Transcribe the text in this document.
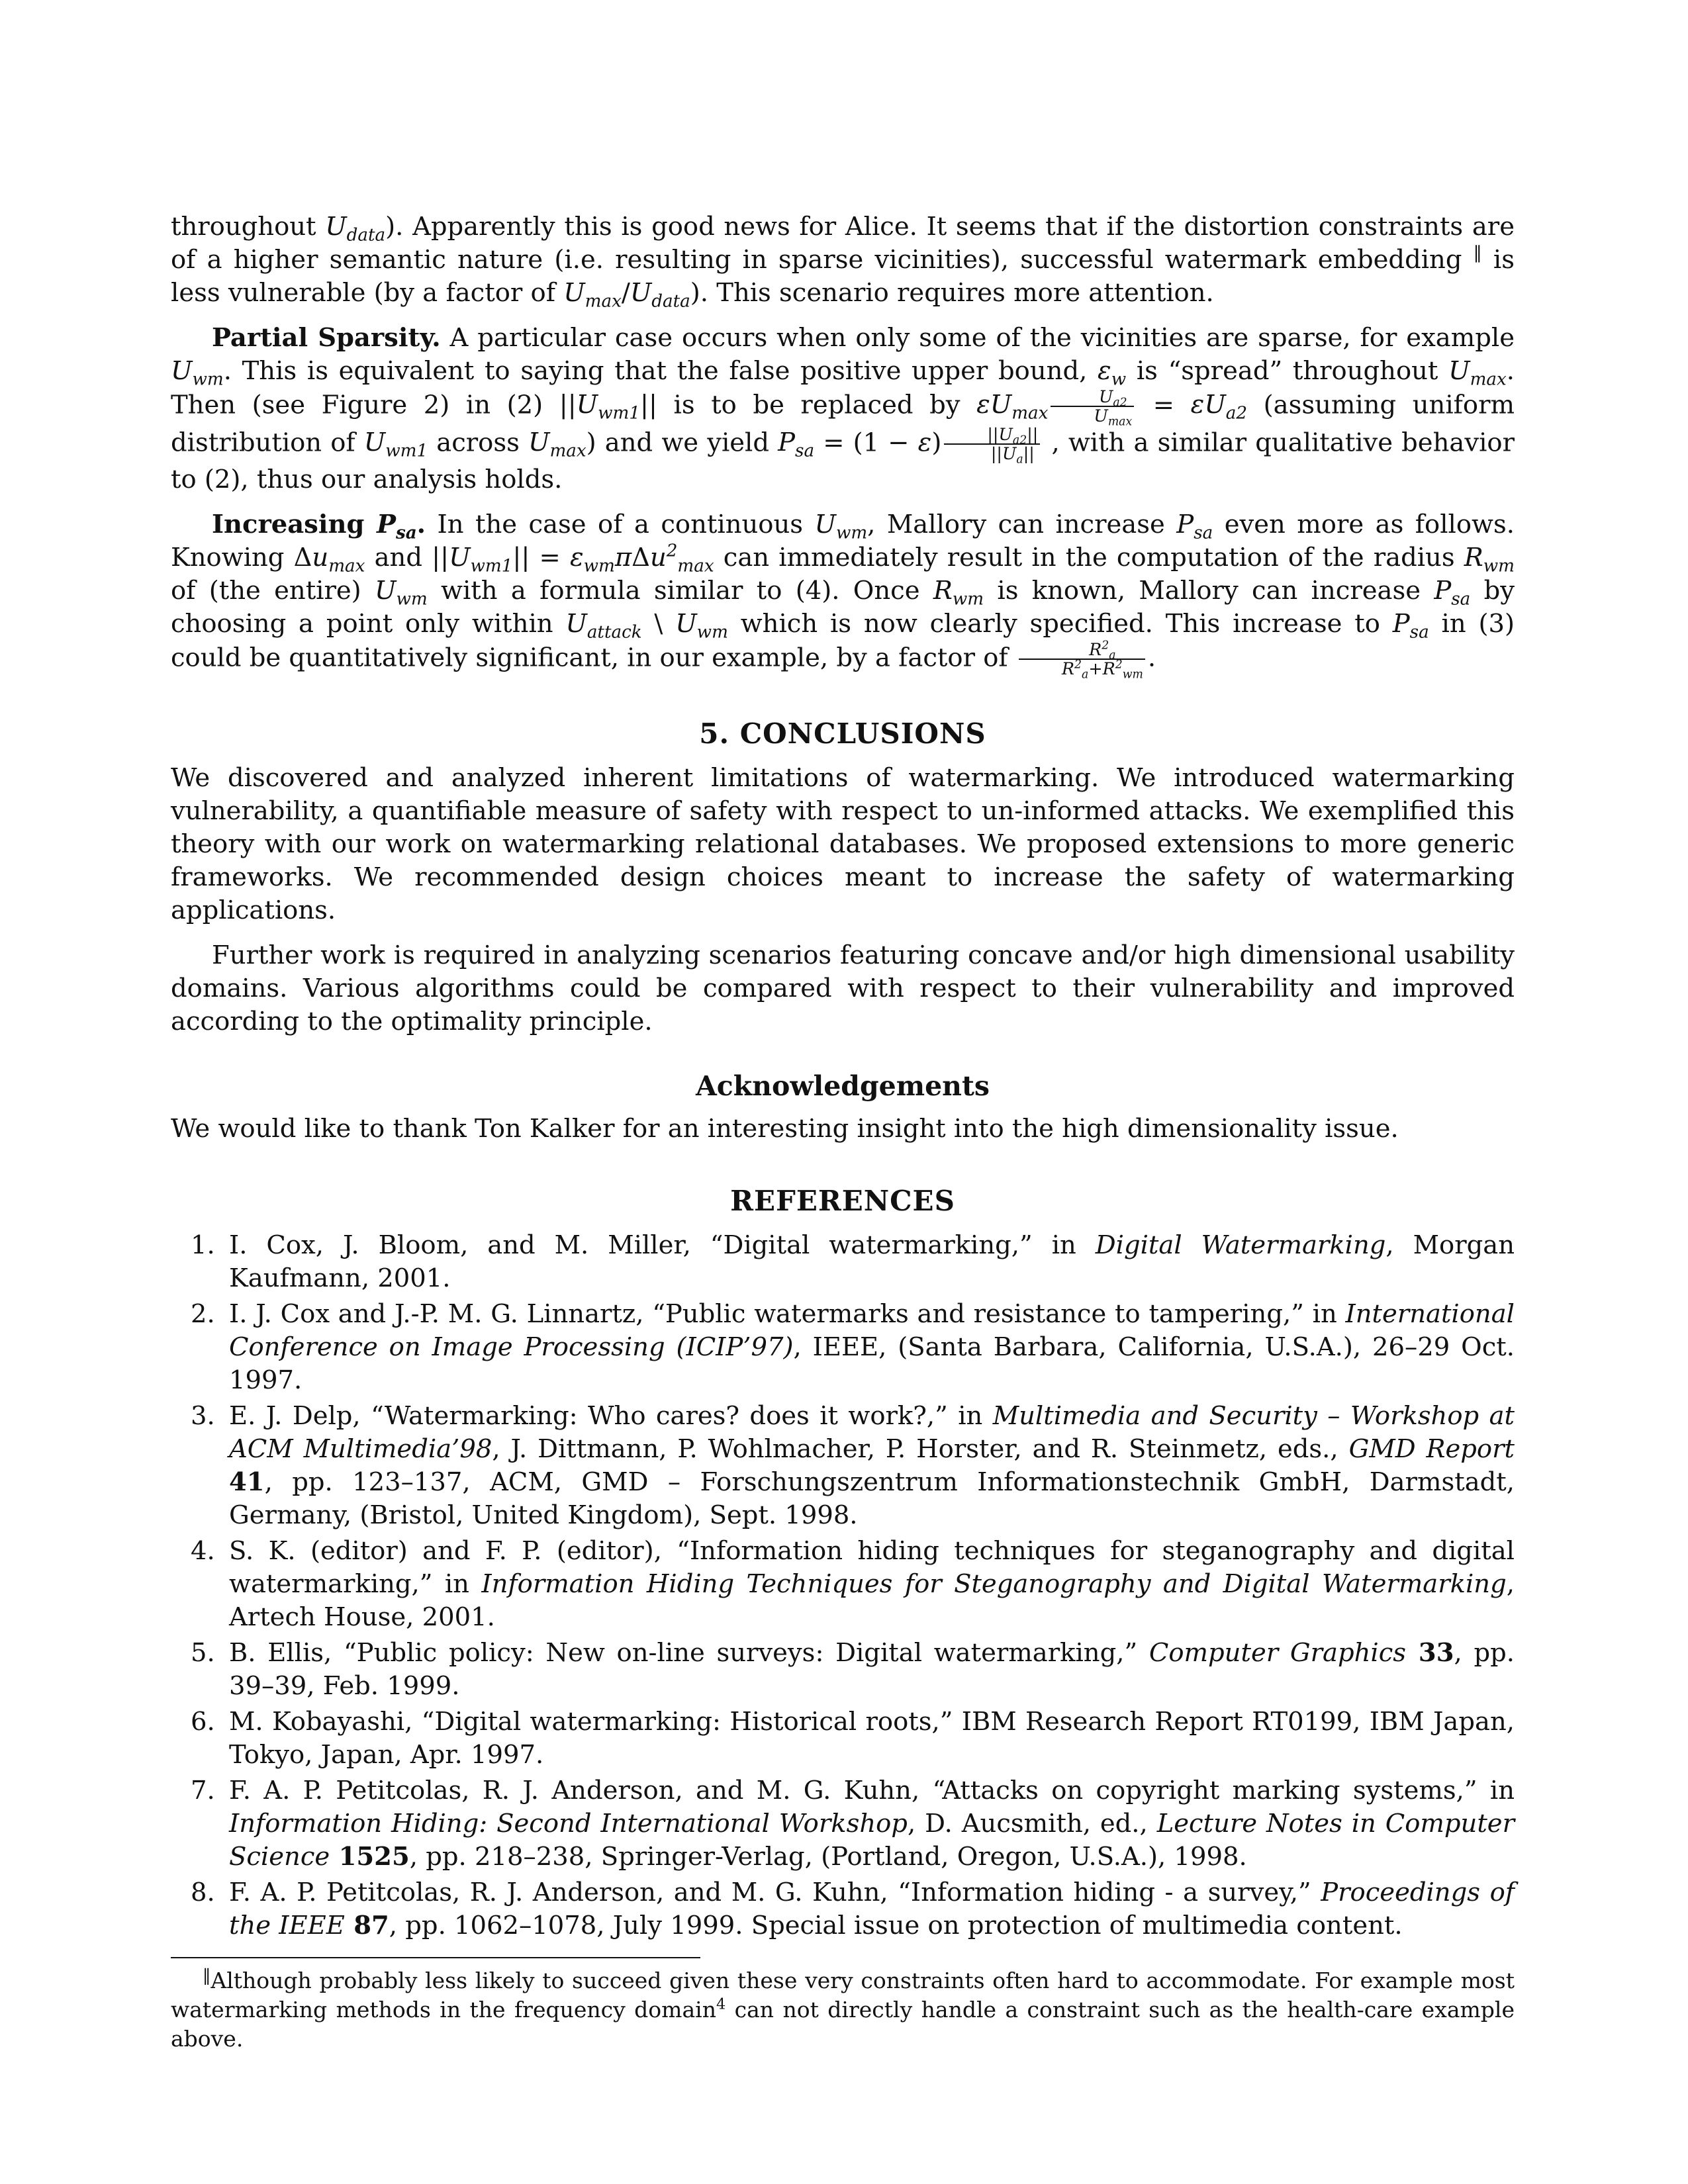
throughout $U_{data}$). Apparently this is good news for Alice. It seems that if the distortion constraints are of a higher semantic nature (i.e. resulting in sparse vicinities), successful watermark embedding ‖ is less vulnerable (by a factor of $U_{max}/U_{data}$). This scenario requires more attention.

Partial Sparsity. A particular case occurs when only some of the vicinities are sparse, for example $U_{wm}$. This is equivalent to saying that the false positive upper bound, $\varepsilon_w$ is “spread” throughout $U_{max}$. Then (see Figure 2) in (2) $||U_{wm1}||$ is to be replaced by $\varepsilon U_{max} \frac{U_{a2}}{U_{max}} = \varepsilon U_{a2}$ (assuming uniform distribution of $U_{wm1}$ across $U_{max}$) and we yield $P_{sa} = (1 - \varepsilon) \frac{||U_{a2}||}{||U_a||}$ , with a similar qualitative behavior to (2), thus our analysis holds.

Increasing $P_{sa}$. In the case of a continuous $U_{wm}$, Mallory can increase $P_{sa}$ even more as follows. Knowing $\Delta u_{max}$ and $||U_{wm1}|| = \varepsilon_{wm}\pi\Delta u^2_{max}$ can immediately result in the computation of the radius $R_{wm}$ of (the entire) $U_{wm}$ with a formula similar to (4). Once $R_{wm}$ is known, Mallory can increase $P_{sa}$ by choosing a point only within $U_{attack}$ \ $U_{wm}$ which is now clearly specified. This increase to $P_{sa}$ in (3) could be quantitatively significant, in our example, by a factor of $\frac{R^2_a}{R^2_a+R^2_{wm}}$ .

5. CONCLUSIONS

We discovered and analyzed inherent limitations of watermarking. We introduced watermarking vulnerability, a quantifiable measure of safety with respect to un-informed attacks. We exemplified this theory with our work on watermarking relational databases. We proposed extensions to more generic frameworks. We recommended design choices meant to increase the safety of watermarking applications.

Further work is required in analyzing scenarios featuring concave and/or high dimensional usability domains. Various algorithms could be compared with respect to their vulnerability and improved according to the optimality principle.

Acknowledgements

We would like to thank Ton Kalker for an interesting insight into the high dimensionality issue.

REFERENCES
1. I. Cox, J. Bloom, and M. Miller, “Digital watermarking,” in Digital Watermarking, Morgan Kaufmann, 2001.
2. I. J. Cox and J.-P. M. G. Linnartz, “Public watermarks and resistance to tampering,” in International Conference on Image Processing (ICIP’97), IEEE, (Santa Barbara, California, U.S.A.), 26–29 Oct. 1997.
3. E. J. Delp, “Watermarking: Who cares? does it work?,” in Multimedia and Security – Workshop at ACM Multimedia’98, J. Dittmann, P. Wohlmacher, P. Horster, and R. Steinmetz, eds., GMD Report 41, pp. 123–137, ACM, GMD – Forschungszentrum Informationstechnik GmbH, Darmstadt, Germany, (Bristol, United Kingdom), Sept. 1998.
4. S. K. (editor) and F. P. (editor), “Information hiding techniques for steganography and digital watermarking,” in Information Hiding Techniques for Steganography and Digital Watermarking, Artech House, 2001.
5. B. Ellis, “Public policy: New on-line surveys: Digital watermarking,” Computer Graphics 33, pp. 39–39, Feb. 1999.
6. M. Kobayashi, “Digital watermarking: Historical roots,” IBM Research Report RT0199, IBM Japan, Tokyo, Japan, Apr. 1997.
7. F. A. P. Petitcolas, R. J. Anderson, and M. G. Kuhn, “Attacks on copyright marking systems,” in Information Hiding: Second International Workshop, D. Aucsmith, ed., Lecture Notes in Computer Science 1525, pp. 218–238, Springer-Verlag, (Portland, Oregon, U.S.A.), 1998.
8. F. A. P. Petitcolas, R. J. Anderson, and M. G. Kuhn, “Information hiding - a survey,” Proceedings of the IEEE 87, pp. 1062–1078, July 1999. Special issue on protection of multimedia content.

‖Although probably less likely to succeed given these very constraints often hard to accommodate. For example most watermarking methods in the frequency domain$^4$ can not directly handle a constraint such as the health-care example above.
